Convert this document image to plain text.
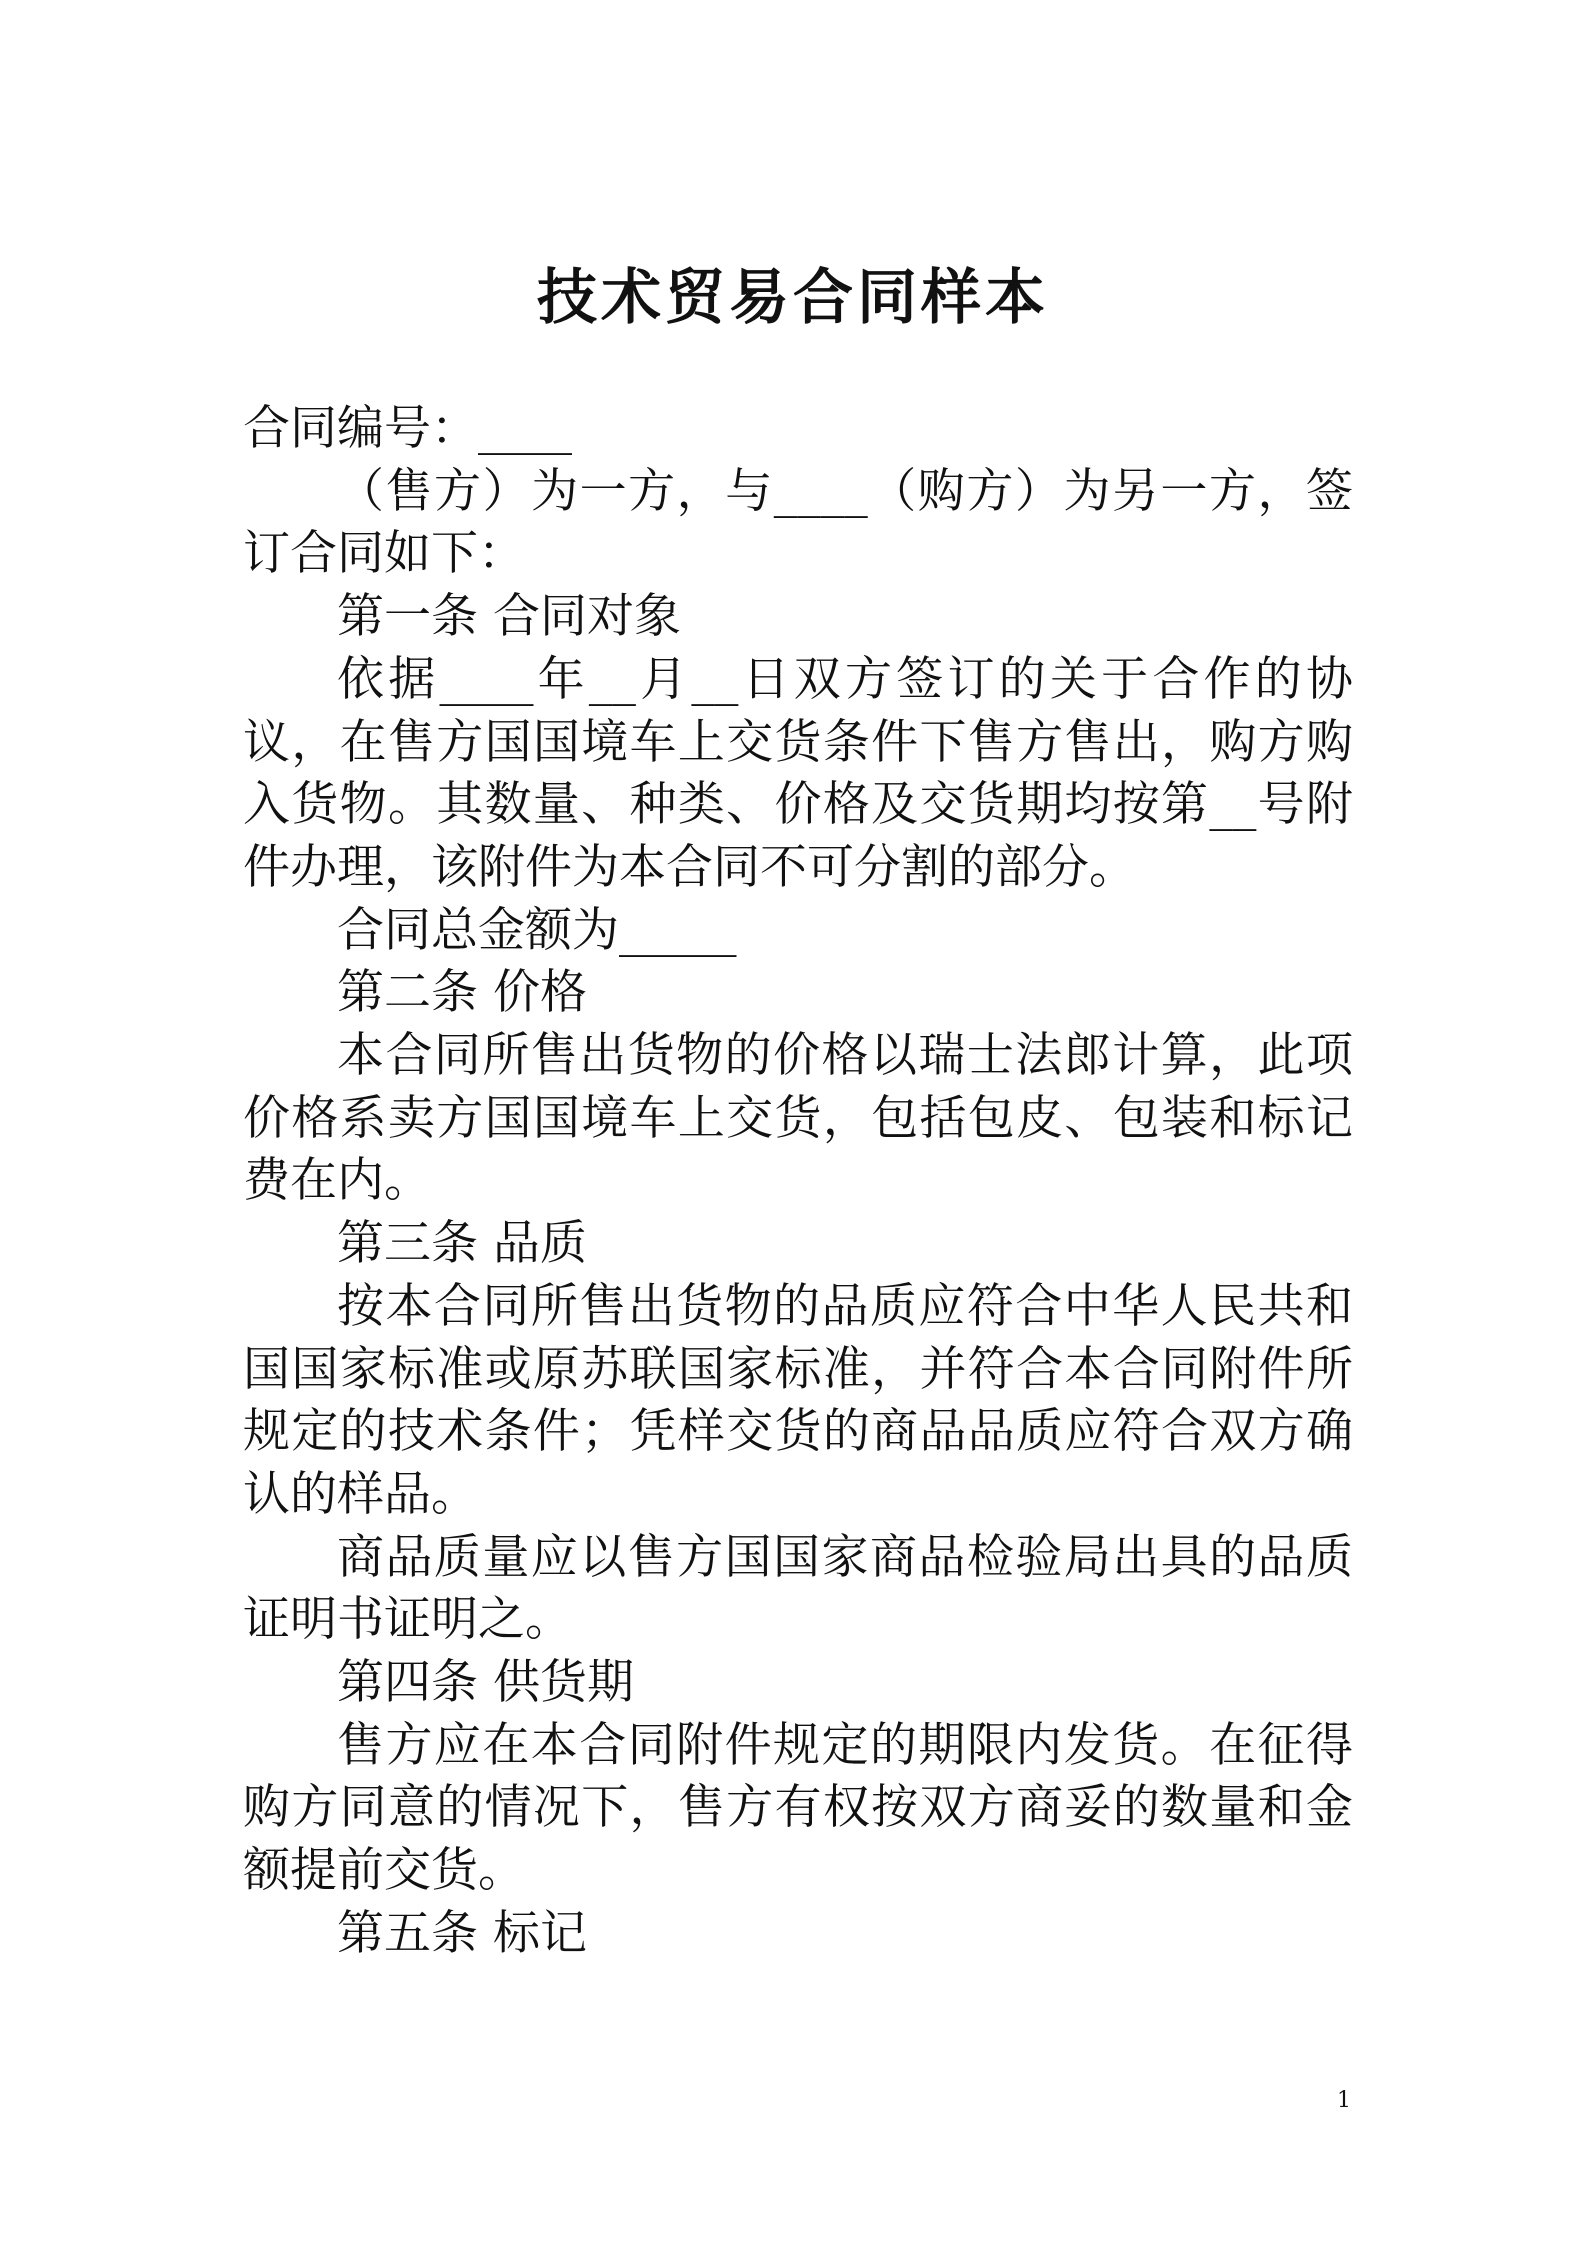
技术贸易合同样本

合同编号：____

（售方）为一方，与____（购方）为另一方，签订合同如下：

第一条 合同对象

依据____年__月__日双方签订的关于合作的协议，在售方国国境车上交货条件下售方售出，购方购入货物。其数量、种类、价格及交货期均按第__号附件办理，该附件为本合同不可分割的部分。

合同总金额为_____

第二条 价格

本合同所售出货物的价格以瑞士法郎计算，此项价格系卖方国国境车上交货，包括包皮、包装和标记费在内。

第三条 品质

按本合同所售出货物的品质应符合中华人民共和国国家标准或原苏联国家标准，并符合本合同附件所规定的技术条件；凭样交货的商品品质应符合双方确认的样品。

商品质量应以售方国国家商品检验局出具的品质证明书证明之。

第四条 供货期

售方应在本合同附件规定的期限内发货。在征得购方同意的情况下，售方有权按双方商妥的数量和金额提前交货。

第五条 标记

1
